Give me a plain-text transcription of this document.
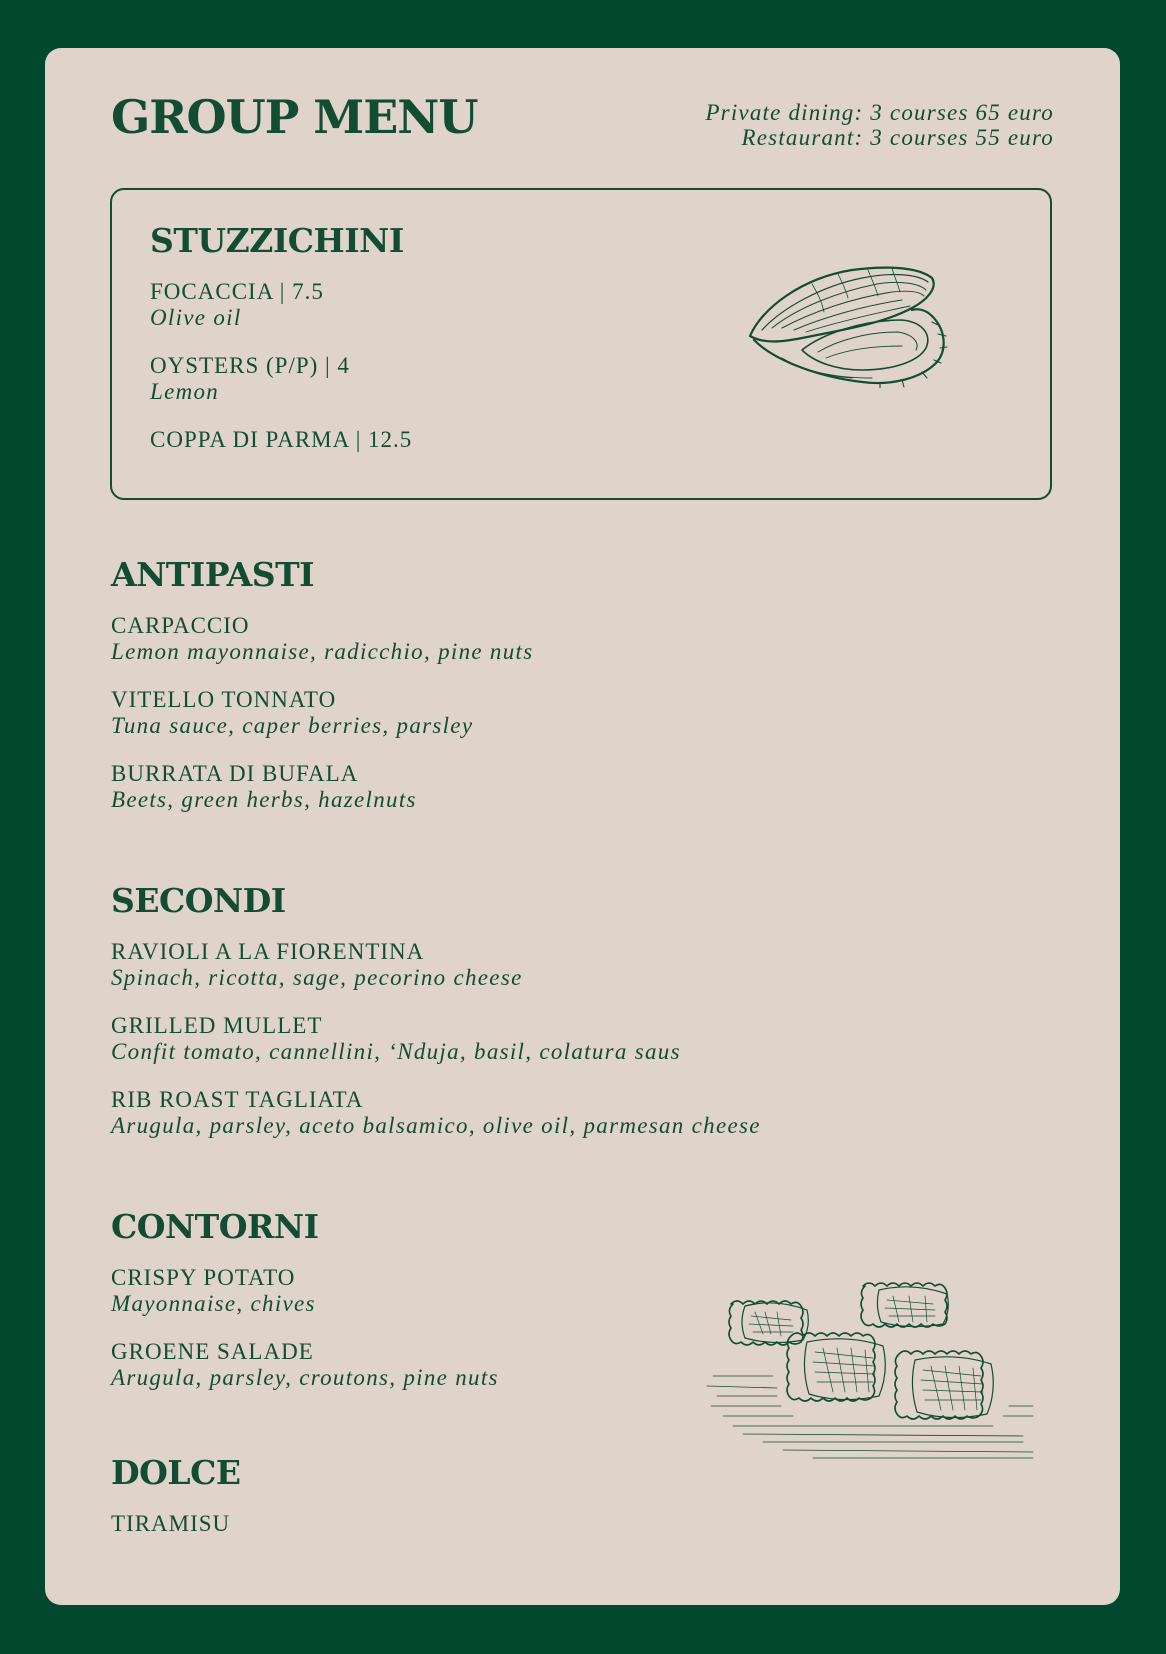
GROUP MENU	Private dining: 3 courses 65 euro
Restaurant: 3 courses 55 euro
STUZZICHINI
FOCACCIA | 7.5
Olive oil
OYSTERS (P/P) | 4
Lemon
COPPA DI PARMA | 12.5
ANTIPASTI
CARPACCIO
Lemon mayonnaise, radicchio, pine nuts
VITELLO TONNATO
Tuna sauce, caper berries, parsley
BURRATA DI BUFALA
Beets, green herbs, hazelnuts
SECONDI
RAVIOLI A LA FIORENTINA
Spinach, ricotta, sage, pecorino cheese
GRILLED MULLET
Confit tomato, cannellini, ‘Nduja, basil, colatura saus
RIB ROAST TAGLIATA
Arugula, parsley, aceto balsamico, olive oil, parmesan cheese
CONTORNI
CRISPY POTATO
Mayonnaise, chives
GROENE SALADE
Arugula, parsley, croutons, pine nuts
DOLCE
TIRAMISU
